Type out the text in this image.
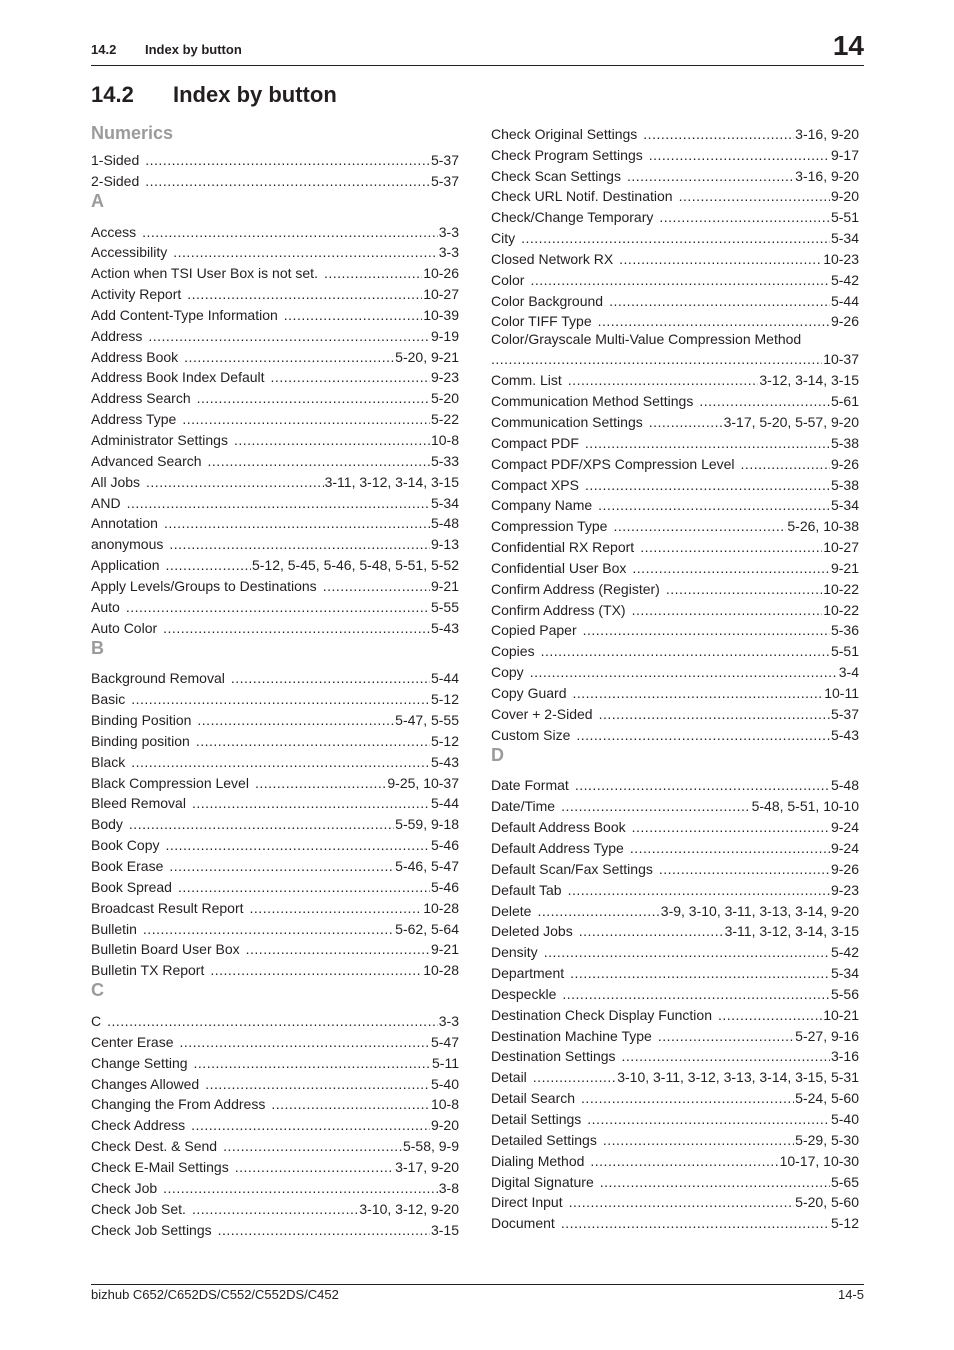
14.2 Index by button	14
14.2 Index by button
Numerics
1-Sided .....	5-37
2-Sided .....	5-37
A
Access .....	3-3
Accessibility .....	3-3
Action when TSI User Box is not set. .....	10-26
Activity Report .....	10-27
Add Content-Type Information .....	10-39
Address .....	9-19
Address Book .....	5-20, 9-21
Address Book Index Default .....	9-23
Address Search .....	5-20
Address Type .....	5-22
Administrator Settings .....	10-8
Advanced Search .....	5-33
All Jobs .....	3-11, 3-12, 3-14, 3-15
AND .....	5-34
Annotation .....	5-48
anonymous .....	9-13
Application .....	5-12, 5-45, 5-46, 5-48, 5-51, 5-52
Apply Levels/Groups to Destinations .....	9-21
Auto .....	5-55
Auto Color .....	5-43
B
Background Removal .....	5-44
Basic .....	5-12
Binding Position .....	5-47, 5-55
Binding position .....	5-12
Black .....	5-43
Black Compression Level .....	9-25, 10-37
Bleed Removal .....	5-44
Body .....	5-59, 9-18
Book Copy .....	5-46
Book Erase .....	5-46, 5-47
Book Spread .....	5-46
Broadcast Result Report .....	10-28
Bulletin .....	5-62, 5-64
Bulletin Board User Box .....	9-21
Bulletin TX Report .....	10-28
C
C .....	3-3
Center Erase .....	5-47
Change Setting .....	5-11
Changes Allowed .....	5-40
Changing the From Address .....	10-8
Check Address .....	9-20
Check Dest. & Send .....	5-58, 9-9
Check E-Mail Settings .....	3-17, 9-20
Check Job .....	3-8
Check Job Set. .....	3-10, 3-12, 9-20
Check Job Settings .....	3-15
Check Original Settings .....	3-16, 9-20
Check Program Settings .....	9-17
Check Scan Settings .....	3-16, 9-20
Check URL Notif. Destination .....	9-20
Check/Change Temporary .....	5-51
City .....	5-34
Closed Network RX .....	10-23
Color .....	5-42
Color Background .....	5-44
Color TIFF Type .....	9-26
Color/Grayscale Multi-Value Compression Method
.....
10-37
Comm. List .....	3-12, 3-14, 3-15
Communication Method Settings .....	5-61
Communication Settings .....	3-17, 5-20, 5-57, 9-20
Compact PDF .....	5-38
Compact PDF/XPS Compression Level .....	9-26
Compact XPS .....	5-38
Company Name .....	5-34
Compression Type .....	5-26, 10-38
Confidential RX Report .....	10-27
Confidential User Box .....	9-21
Confirm Address (Register) .....	10-22
Confirm Address (TX) .....	10-22
Copied Paper .....	5-36
Copies .....	5-51
Copy .....	3-4
Copy Guard .....	10-11
Cover + 2-Sided .....	5-37
Custom Size .....	5-43
D
Date Format .....	5-48
Date/Time .....	5-48, 5-51, 10-10
Default Address Book .....	9-24
Default Address Type .....	9-24
Default Scan/Fax Settings .....	9-26
Default Tab .....	9-23
Delete .....	3-9, 3-10, 3-11, 3-13, 3-14, 9-20
Deleted Jobs .....	3-11, 3-12, 3-14, 3-15
Density .....	5-42
Department .....	5-34
Despeckle .....	5-56
Destination Check Display Function .....	10-21
Destination Machine Type .....	5-27, 9-16
Destination Settings .....	3-16
Detail .....	3-10, 3-11, 3-12, 3-13, 3-14, 3-15, 5-31
Detail Search .....	5-24, 5-60
Detail Settings .....	5-40
Detailed Settings .....	5-29, 5-30
Dialing Method .....	10-17, 10-30
Digital Signature .....	5-65
Direct Input .....	5-20, 5-60
Document .....	5-12
bizhub C652/C652DS/C552/C552DS/C452	14-5
